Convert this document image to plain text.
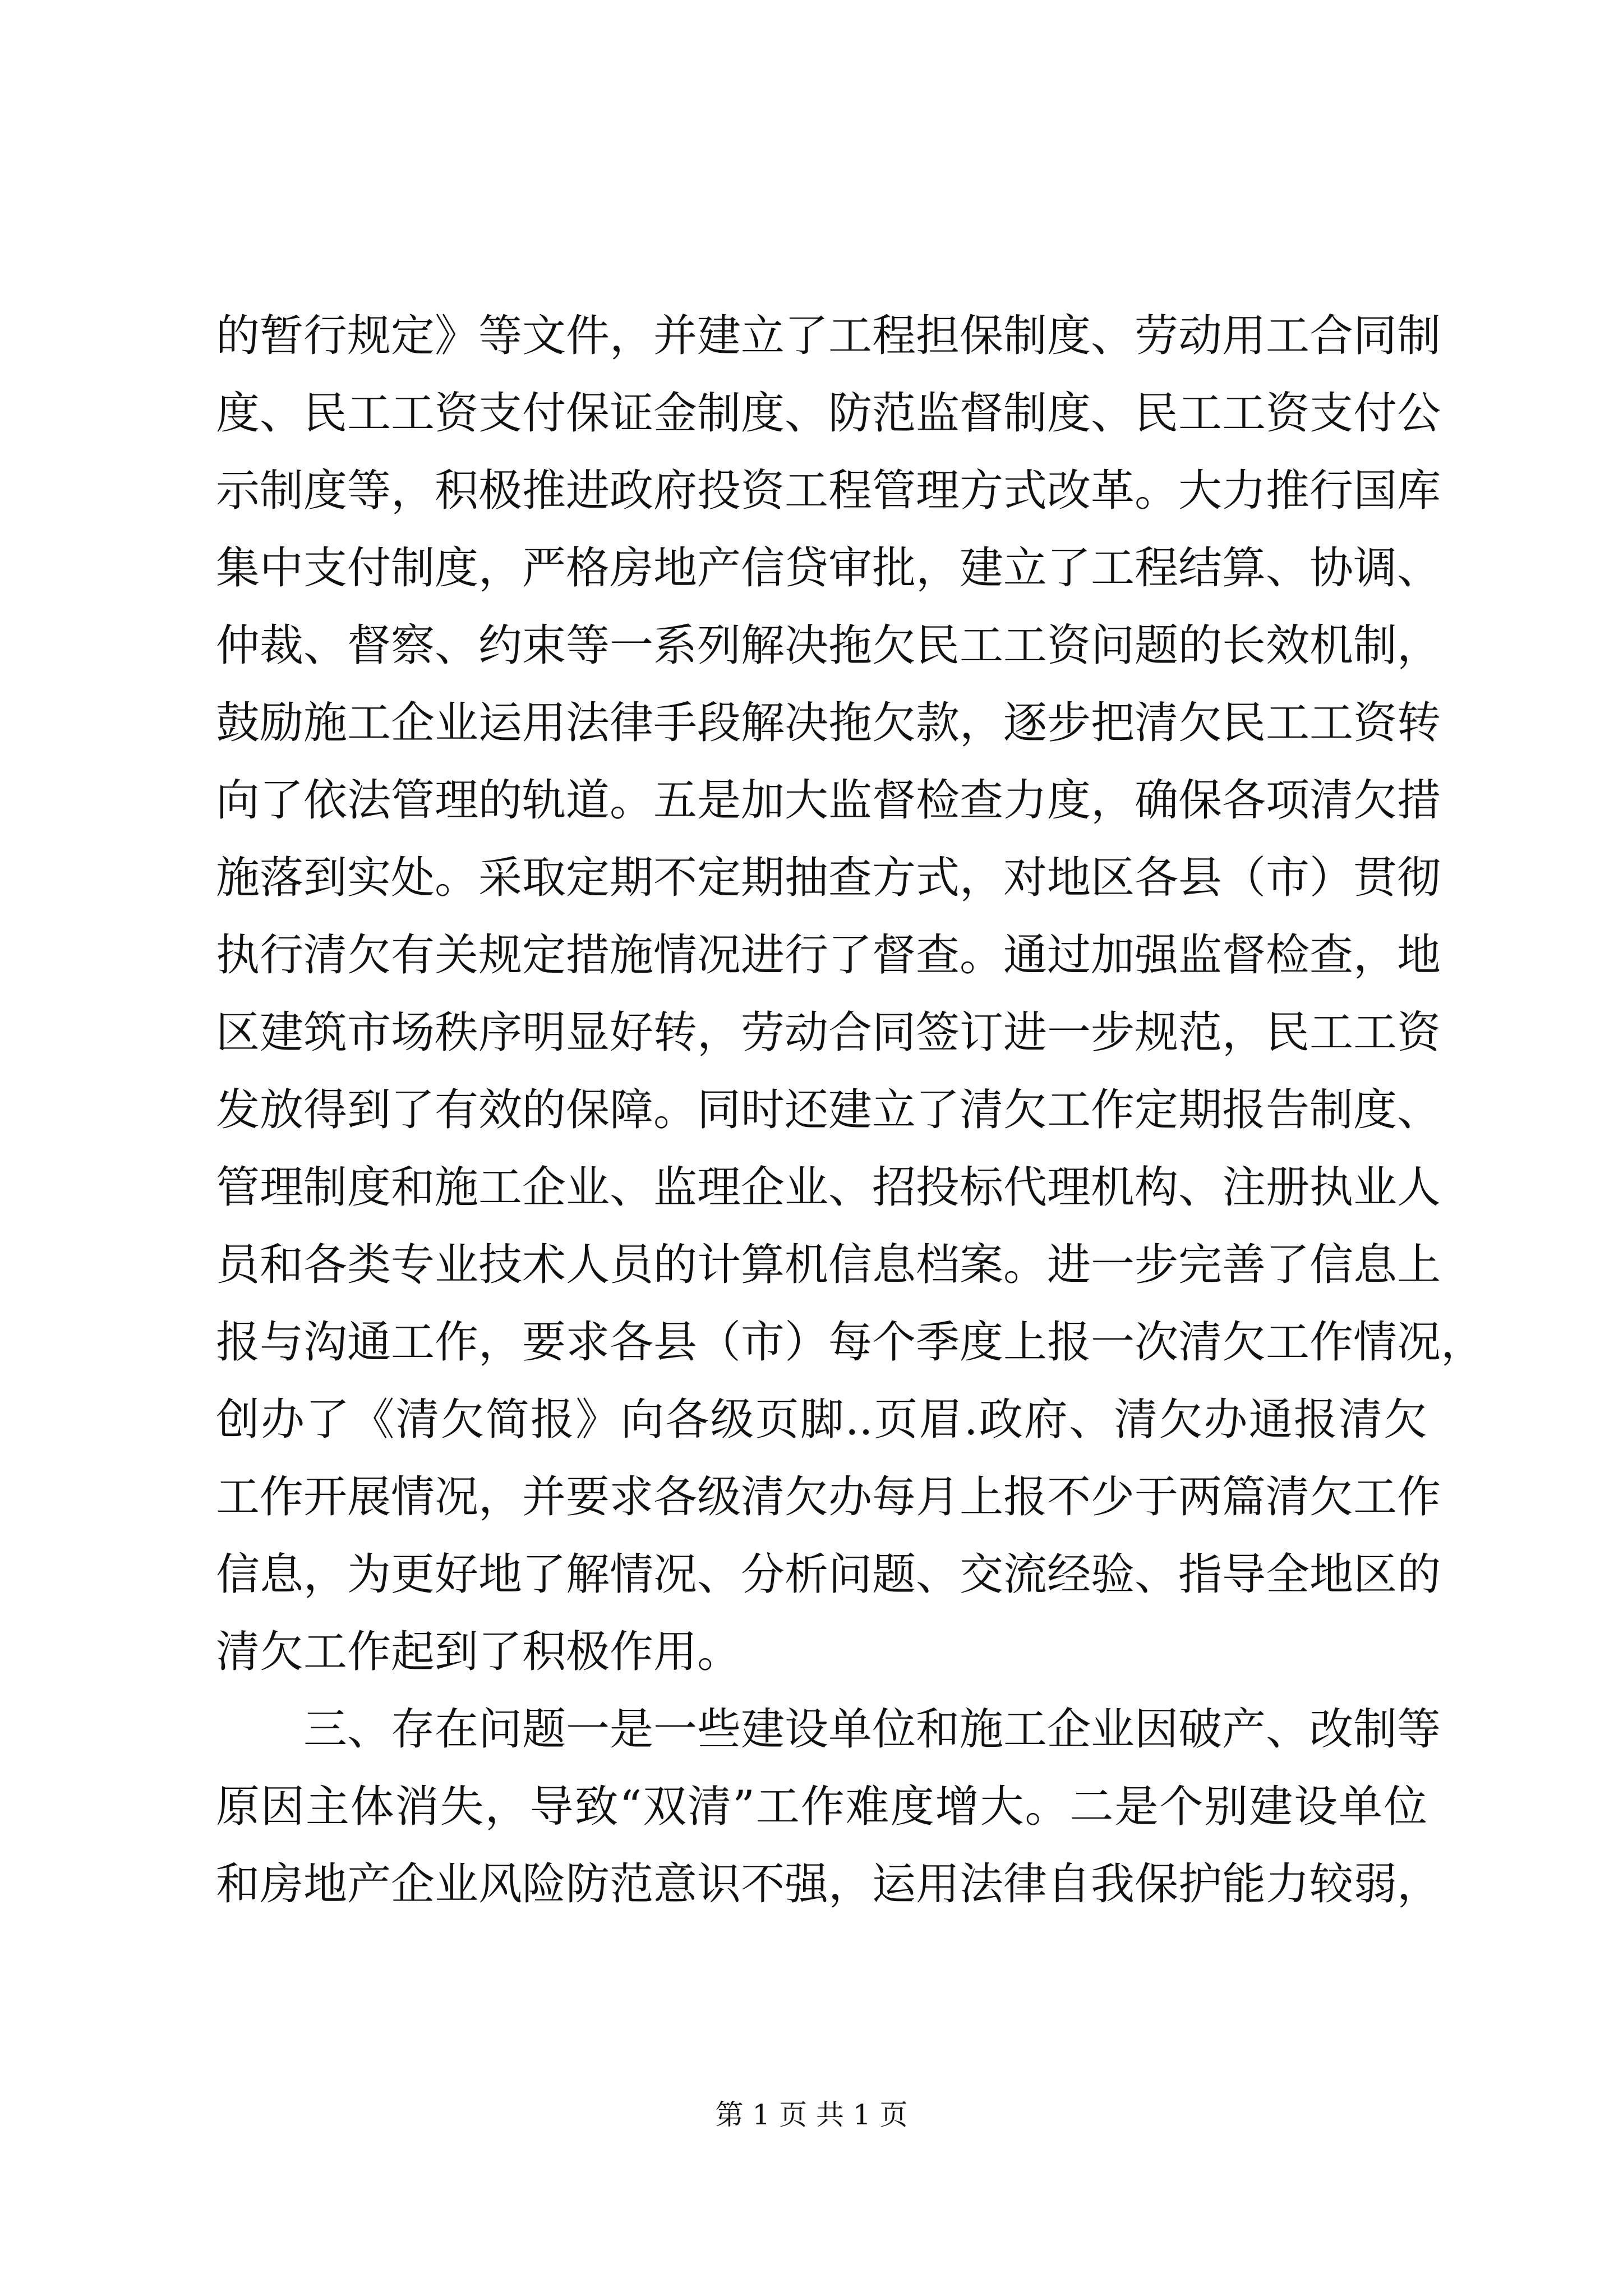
的暂行规定》等文件，并建立了工程担保制度、劳动用工合同制
度、民工工资支付保证金制度、防范监督制度、民工工资支付公
示制度等，积极推进政府投资工程管理方式改革。大力推行国库
集中支付制度，严格房地产信贷审批，建立了工程结算、协调、
仲裁、督察、约束等一系列解决拖欠民工工资问题的长效机制，
鼓励施工企业运用法律手段解决拖欠款，逐步把清欠民工工资转
向了依法管理的轨道。五是加大监督检查力度，确保各项清欠措
施落到实处。采取定期不定期抽查方式，对地区各县（市）贯彻
执行清欠有关规定措施情况进行了督查。通过加强监督检查，地
区建筑市场秩序明显好转，劳动合同签订进一步规范，民工工资
发放得到了有效的保障。同时还建立了清欠工作定期报告制度、
管理制度和施工企业、监理企业、招投标代理机构、注册执业人
员和各类专业技术人员的计算机信息档案。进一步完善了信息上
报与沟通工作，要求各县（市）每个季度上报一次清欠工作情况，
创办了《清欠简报》向各级页脚..页眉.政府、清欠办通报清欠
工作开展情况，并要求各级清欠办每月上报不少于两篇清欠工作
信息，为更好地了解情况、分析问题、交流经验、指导全地区的
清欠工作起到了积极作用。
三、存在问题一是一些建设单位和施工企业因破产、改制等
原因主体消失，导致“双清”工作难度增大。二是个别建设单位
和房地产企业风险防范意识不强，运用法律自我保护能力较弱，
第 1 页 共 1 页
